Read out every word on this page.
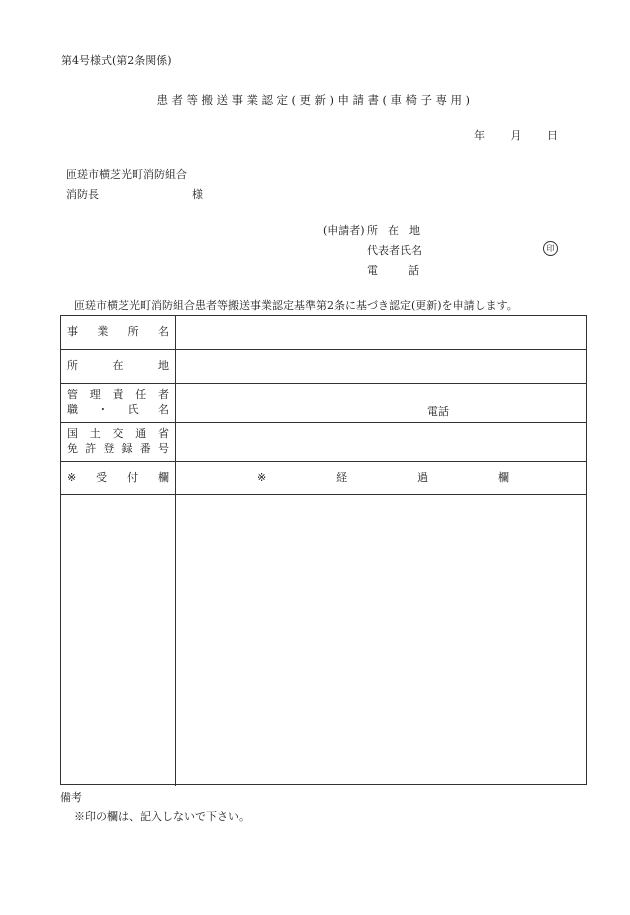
第4号様式(第2条関係)
患者等搬送事業認定(更新)申請書(車椅子専用)
年 月 日
匝瑳市横芝光町消防組合
消防長	様
(申請者) 所在地
代表者氏名	印
電話
匝瑳市横芝光町消防組合患者等搬送事業認定基準第2条に基づき認定(更新)を申請します。
事 業 所 名
所	在	地
管 理 責 任 者
職 ・ 氏 名	電話
国 土 交 通 省
免 許 登 録 番 号
※ 受 付 欄	※	経	過	欄
備考
※印の欄は、記入しないで下さい。
